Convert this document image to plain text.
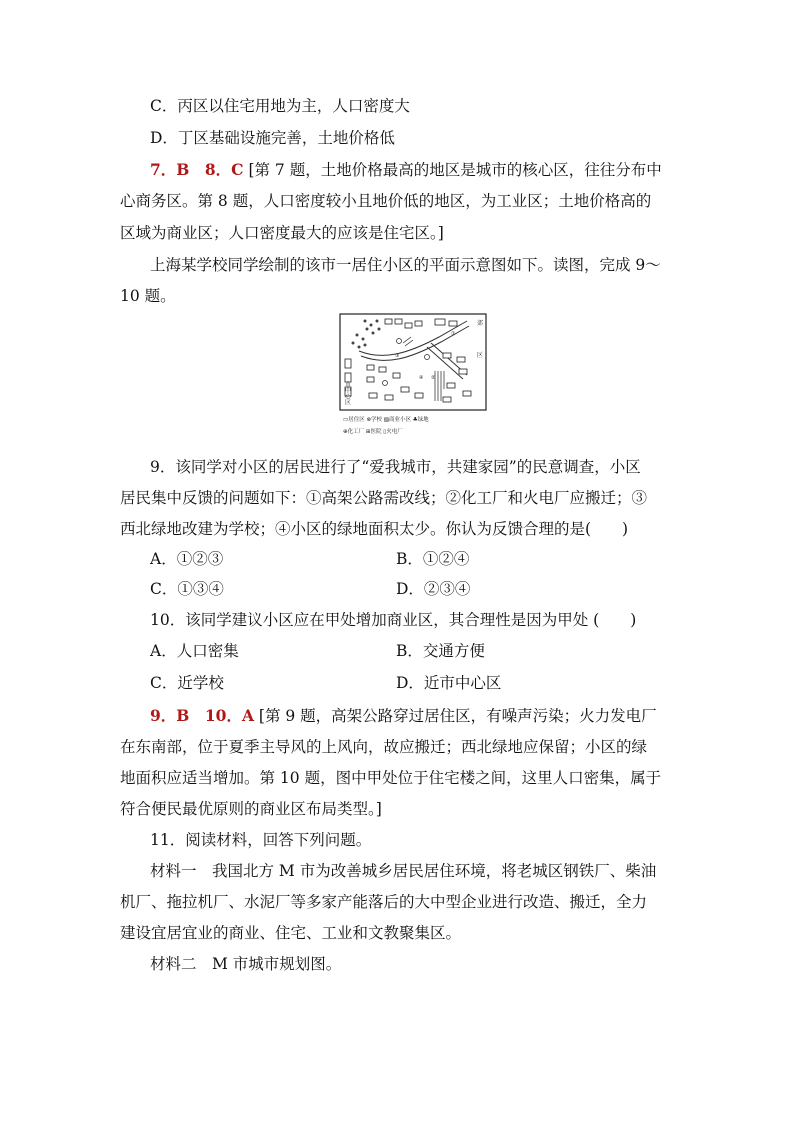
C．丙区以住宅用地为主，人口密度大
D．丁区基础设施完善，土地价格低
7．B　8．C [第 7 题，土地价格最高的地区是城市的核心区，往往分布中
心商务区。第 8 题，人口密度较小且地价低的地区，为工业区；土地价格高的
区域为商业区；人口密度最大的应该是住宅区。]
上海某学校同学绘制的该市一居住小区的平面示意图如下。读图，完成 9～
10 题。
市中心区
郊
区
①
②
③
④
▭居住区 ⊗学校 ▨商业小区 ♣绿地
⊕化工厂 ⊞医院 ▯火电厂
9．该同学对小区的居民进行了“爱我城市，共建家园”的民意调查，小区
居民集中反馈的问题如下：①高架公路需改线；②化工厂和火电厂应搬迁；③
西北绿地改建为学校；④小区的绿地面积太少。你认为反馈合理的是(　　)
A．①②③	B．①②④
C．①③④	D．②③④
10．该同学建议小区应在甲处增加商业区，其合理性是因为甲处 (　　)
A．人口密集	B．交通方便
C．近学校	D．近市中心区
9．B　10．A [第 9 题，高架公路穿过居住区，有噪声污染；火力发电厂
在东南部，位于夏季主导风的上风向，故应搬迁；西北绿地应保留；小区的绿
地面积应适当增加。第 10 题，图中甲处位于住宅楼之间，这里人口密集，属于
符合便民最优原则的商业区布局类型。]
11．阅读材料，回答下列问题。
材料一　我国北方 M 市为改善城乡居民居住环境，将老城区钢铁厂、柴油
机厂、拖拉机厂、水泥厂等多家产能落后的大中型企业进行改造、搬迁，全力
建设宜居宜业的商业、住宅、工业和文教聚集区。
材料二　M 市城市规划图。
